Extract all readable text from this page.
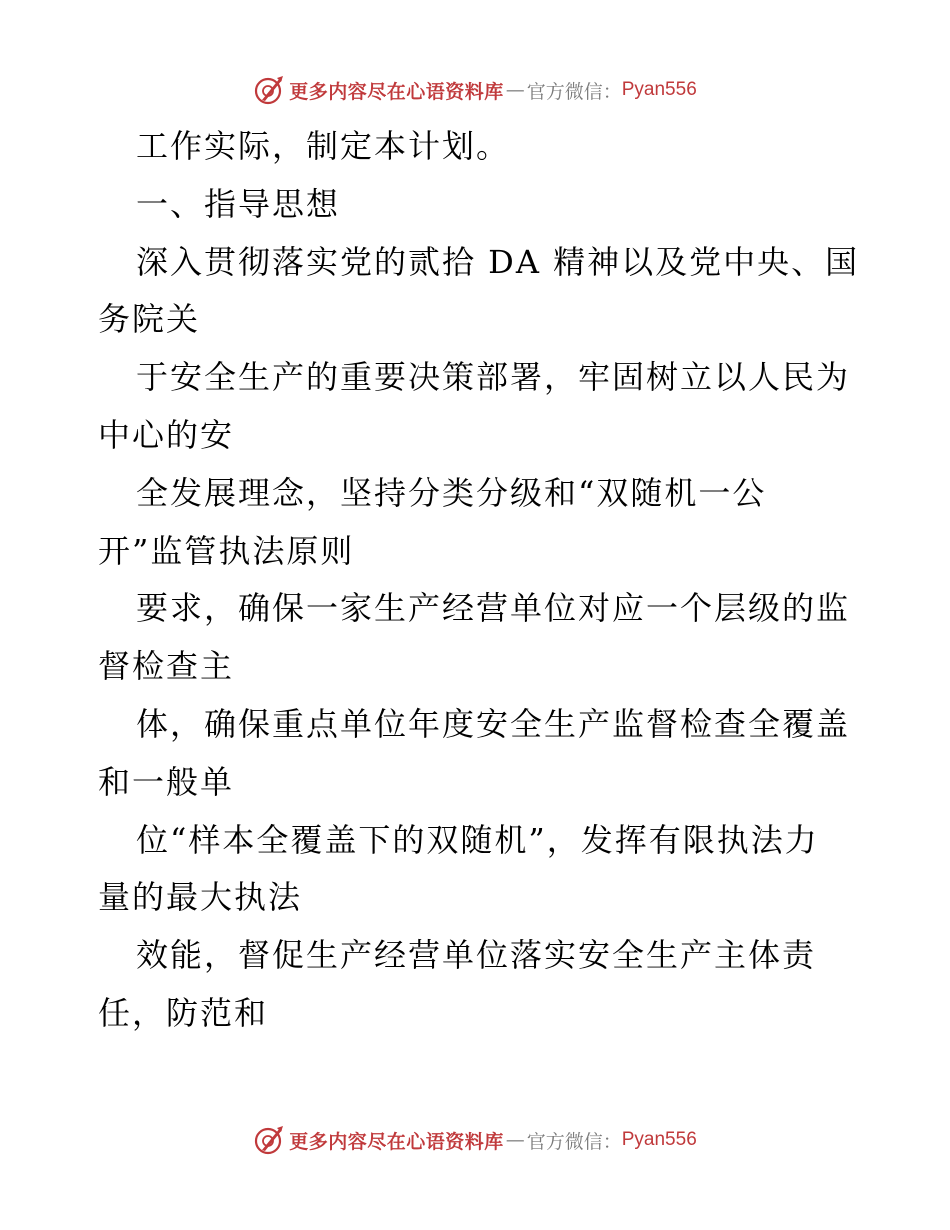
更多内容尽在心语资料库 — 官方微信： Pyan556
工作实际，制定本计划。
一、指导思想
深入贯彻落实党的贰拾 DA 精神以及党中央、国
务院关
于安全生产的重要决策部署，牢固树立以人民为
中心的安
全发展理念，坚持分类分级和“双随机一公
开”监管执法原则
要求，确保一家生产经营单位对应一个层级的监
督检查主
体，确保重点单位年度安全生产监督检查全覆盖
和一般单
位“样本全覆盖下的双随机”，发挥有限执法力
量的最大执法
效能，督促生产经营单位落实安全生产主体责
任，防范和
更多内容尽在心语资料库 — 官方微信： Pyan556
